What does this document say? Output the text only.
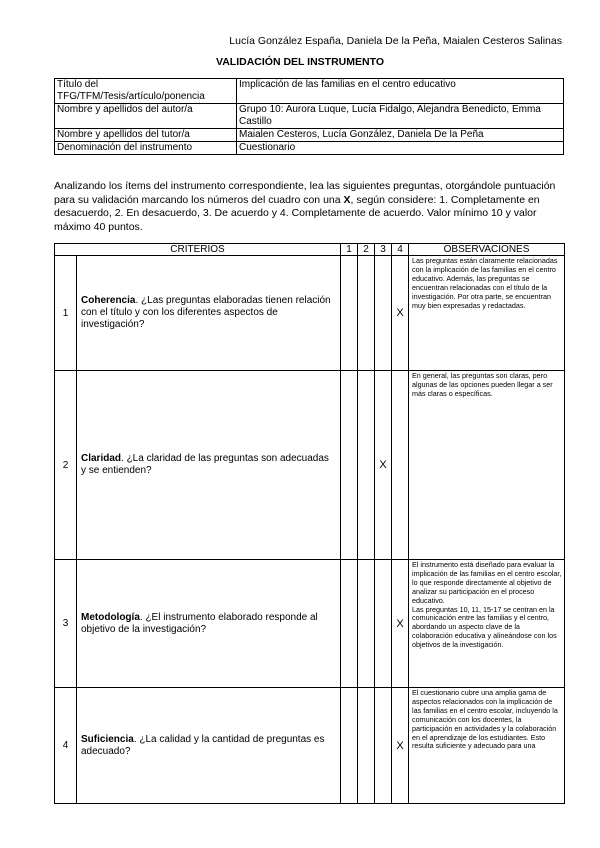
Lucía González España, Daniela De la Peña, Maialen Cesteros Salinas
VALIDACIÓN DEL INSTRUMENTO
Título del TFG/TFM/Tesis/artículo/ponencia	Implicación de las familias en el centro educativo
Nombre y apellidos del autor/a	Grupo 10: Aurora Luque, Lucía Fidalgo, Alejandra Benedicto, Emma Castillo
Nombre y apellidos del tutor/a	Maialen Cesteros, Lucía González, Daniela De la Peña
Denominación del instrumento	Cuestionario
Analizando los ítems del instrumento correspondiente, lea las siguientes preguntas, otorgándole puntuación para su validación marcando los números del cuadro con una X, según considere: 1. Completamente en desacuerdo, 2. En desacuerdo, 3. De acuerdo y 4. Completamente de acuerdo. Valor mínimo 10 y valor máximo 40 puntos.
CRITERIOS		1	2	3	4	OBSERVACIONES
1	Coherencia. ¿Las preguntas elaboradas tienen relación con el título y con los diferentes aspectos de investigación?				X	Las preguntas están claramente relacionadas con la implicación de las familias en el centro educativo. Además, las preguntas se encuentran relacionadas con el título de la investigación. Por otra parte, se encuentran muy bien expresadas y redactadas.
2	Claridad. ¿La claridad de las preguntas son adecuadas y se entienden?			X		En general, las preguntas son claras, pero algunas de las opciones pueden llegar a ser más claras o específicas.
3	Metodología. ¿El instrumento elaborado responde al objetivo de la investigación?				X	El instrumento está diseñado para evaluar la implicación de las familias en el centro escolar, lo que responde directamente al objetivo de analizar su participación en el proceso educativo.
Las preguntas 10, 11, 15-17 se centran en la comunicación entre las familias y el centro, abordando un aspecto clave de la colaboración educativa y alineándose con los objetivos de la investigación.

4	Suficiencia. ¿La calidad y la cantidad de preguntas es adecuado?				X	El cuestionario cubre una amplia gama de aspectos relacionados con la implicación de las familias en el centro escolar, incluyendo la comunicación con los docentes, la participación en actividades y la colaboración en el aprendizaje de los estudiantes. Esto resulta suficiente y adecuado para una
